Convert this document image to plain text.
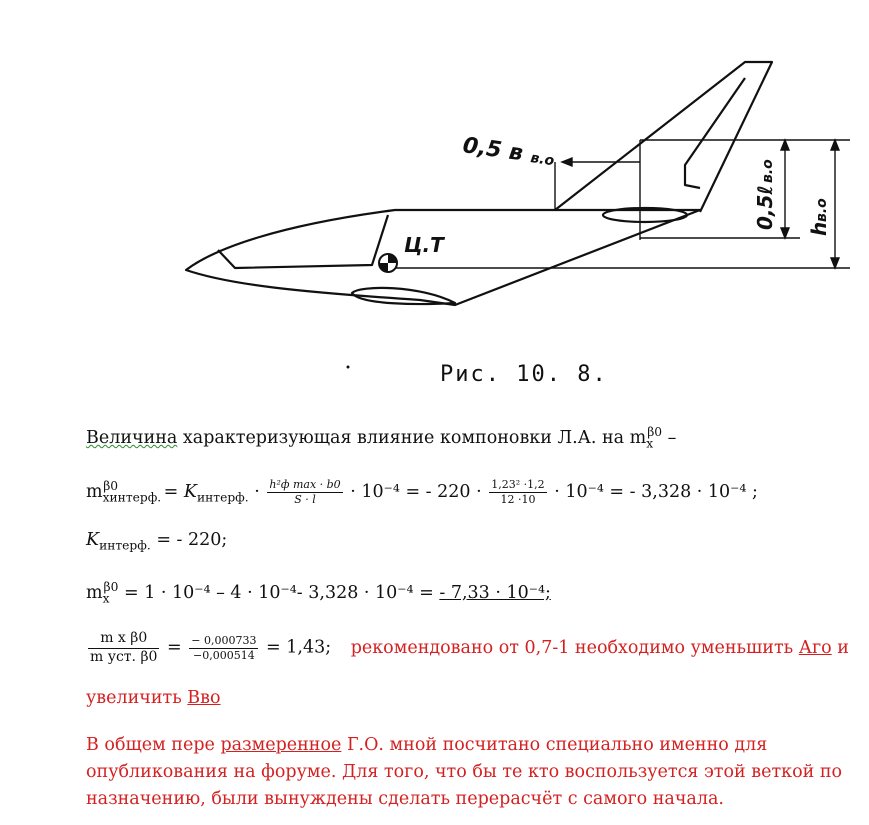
0,5 в в.о
Ц.Т
0,5ℓ
в.о
h
в.о
Рис. 10. 8.
Величина характеризующая влияние компоновки Л.А. на $m_x^{\beta 0}$ –
$m_{xинтерф.}^{\beta 0} = K_{интерф.} \cdot \frac{\text{h²ф max · b0}}{S \cdot l} \cdot 10^{-4}$ = - $220 \cdot \frac{\text{1,23² ·1,2}}{12 \cdot 10} \cdot 10^{-4}$ = - 3,328 · 10⁻⁴ ;
$K_{интерф.}$ = - 220;
$m_x^{\beta 0} = 1 \cdot 10^{-4} - 4 \cdot 10^{-4}-$ 3,328 · 10⁻⁴ = - 7,33 · 10⁻⁴;
$\frac{\text{m x β0}}{\text{m уст. β0}} = \frac{- 0,000733}{-0,000514} = 1,43$; рекомендовано от 0,7-1 необходимо уменьшить Аго и
увеличить Вво
В общем пере размеренное Г.О. мной посчитано специально именно для опубликования на форуме. Для того, что бы те кто воспользуется этой веткой по назначению, были вынуждены сделать перерасчёт с самого начала.
